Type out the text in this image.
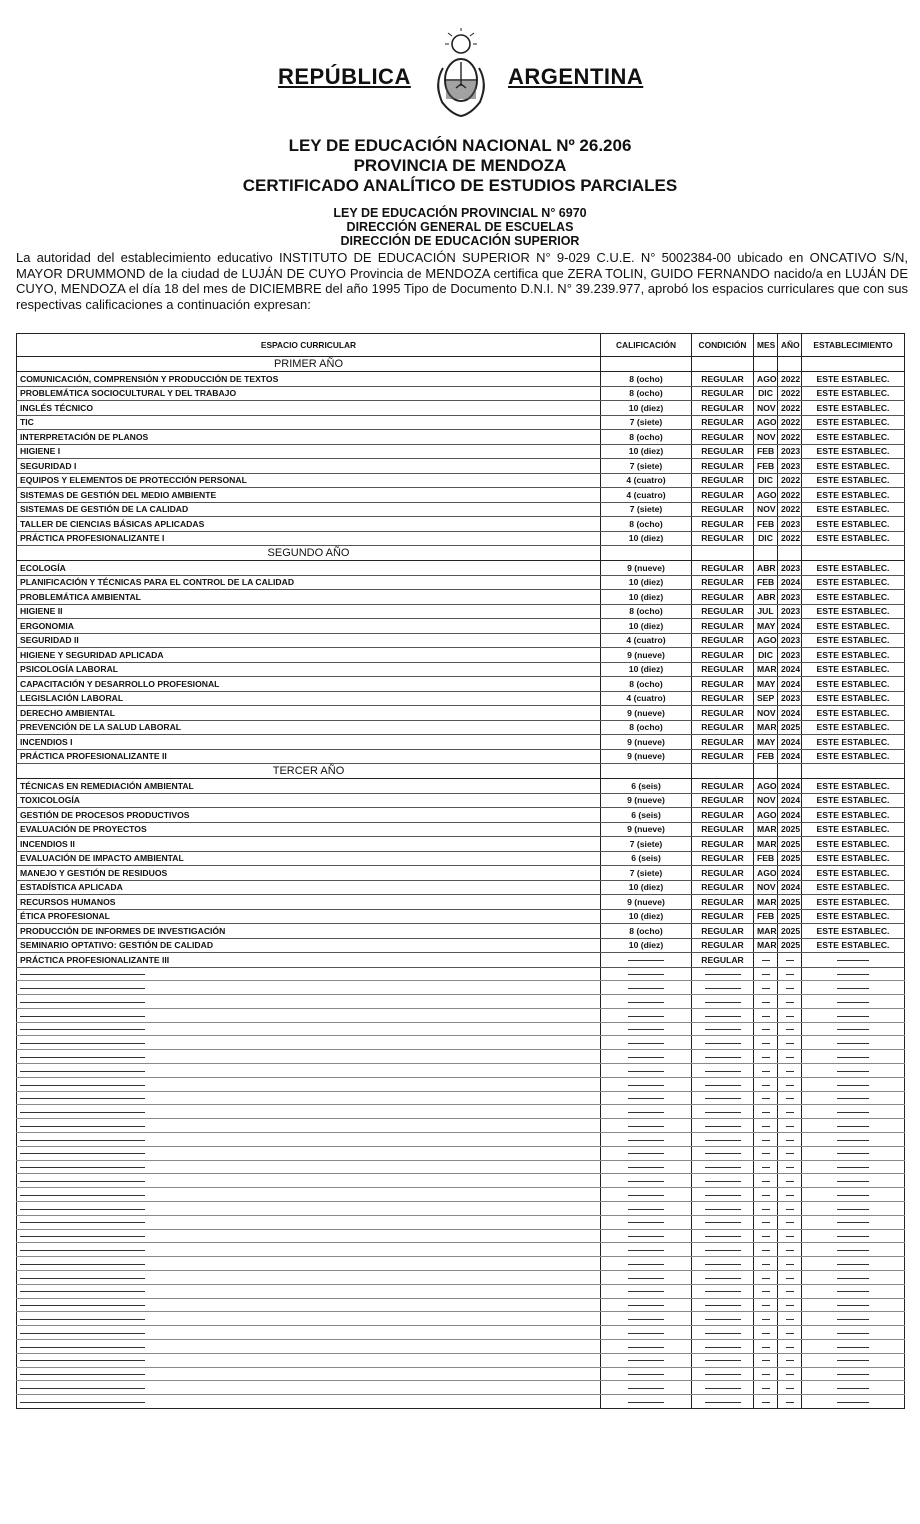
REPÚBLICA	ARGENTINA
LEY DE EDUCACIÓN NACIONAL Nº 26.206
PROVINCIA DE MENDOZA
CERTIFICADO ANALÍTICO DE ESTUDIOS PARCIALES
LEY DE EDUCACIÓN PROVINCIAL N° 6970
DIRECCIÓN GENERAL DE ESCUELAS
DIRECCIÓN DE EDUCACIÓN SUPERIOR
La autoridad del establecimiento educativo INSTITUTO DE EDUCACIÓN SUPERIOR N° 9-029 C.U.E. N° 5002384-00 ubicado en ONCATIVO S/N, MAYOR DRUMMOND de la ciudad de LUJÁN DE CUYO Provincia de MENDOZA certifica que ZERA TOLIN, GUIDO FERNANDO nacido/a en LUJÁN DE CUYO, MENDOZA el día 18 del mes de DICIEMBRE del año 1995 Tipo de Documento D.N.I. N° 39.239.977, aprobó los espacios curriculares que con sus respectivas calificaciones a continuación expresan:
ESPACIO CURRICULAR	CALIFICACIÓN	CONDICIÓN	MES	AÑO	ESTABLECIMIENTO
PRIMER AÑO					
COMUNICACIÓN, COMPRENSIÓN Y PRODUCCIÓN DE TEXTOS	8 (ocho)	REGULAR	AGO	2022	ESTE ESTABLEC.
PROBLEMÁTICA SOCIOCULTURAL Y DEL TRABAJO	8 (ocho)	REGULAR	DIC	2022	ESTE ESTABLEC.
INGLÉS TÉCNICO	10 (diez)	REGULAR	NOV	2022	ESTE ESTABLEC.
TIC	7 (siete)	REGULAR	AGO	2022	ESTE ESTABLEC.
INTERPRETACIÓN DE PLANOS	8 (ocho)	REGULAR	NOV	2022	ESTE ESTABLEC.
HIGIENE I	10 (diez)	REGULAR	FEB	2023	ESTE ESTABLEC.
SEGURIDAD I	7 (siete)	REGULAR	FEB	2023	ESTE ESTABLEC.
EQUIPOS Y ELEMENTOS DE PROTECCIÓN PERSONAL	4 (cuatro)	REGULAR	DIC	2022	ESTE ESTABLEC.
SISTEMAS DE GESTIÓN DEL MEDIO AMBIENTE	4 (cuatro)	REGULAR	AGO	2022	ESTE ESTABLEC.
SISTEMAS DE GESTIÓN DE LA CALIDAD	7 (siete)	REGULAR	NOV	2022	ESTE ESTABLEC.
TALLER DE CIENCIAS BÁSICAS APLICADAS	8 (ocho)	REGULAR	FEB	2023	ESTE ESTABLEC.
PRÁCTICA PROFESIONALIZANTE I	10 (diez)	REGULAR	DIC	2022	ESTE ESTABLEC.
SEGUNDO AÑO					
ECOLOGÍA	9 (nueve)	REGULAR	ABR	2023	ESTE ESTABLEC.
PLANIFICACIÓN Y TÉCNICAS PARA EL CONTROL DE LA CALIDAD	10 (diez)	REGULAR	FEB	2024	ESTE ESTABLEC.
PROBLEMÁTICA AMBIENTAL	10 (diez)	REGULAR	ABR	2023	ESTE ESTABLEC.
HIGIENE II	8 (ocho)	REGULAR	JUL	2023	ESTE ESTABLEC.
ERGONOMIA	10 (diez)	REGULAR	MAY	2024	ESTE ESTABLEC.
SEGURIDAD II	4 (cuatro)	REGULAR	AGO	2023	ESTE ESTABLEC.
HIGIENE Y SEGURIDAD APLICADA	9 (nueve)	REGULAR	DIC	2023	ESTE ESTABLEC.
PSICOLOGÍA LABORAL	10 (diez)	REGULAR	MAR	2024	ESTE ESTABLEC.
CAPACITACIÓN Y DESARROLLO PROFESIONAL	8 (ocho)	REGULAR	MAY	2024	ESTE ESTABLEC.
LEGISLACIÓN LABORAL	4 (cuatro)	REGULAR	SEP	2023	ESTE ESTABLEC.
DERECHO AMBIENTAL	9 (nueve)	REGULAR	NOV	2024	ESTE ESTABLEC.
PREVENCIÓN DE LA SALUD LABORAL	8 (ocho)	REGULAR	MAR	2025	ESTE ESTABLEC.
INCENDIOS I	9 (nueve)	REGULAR	MAY	2024	ESTE ESTABLEC.
PRÁCTICA PROFESIONALIZANTE II	9 (nueve)	REGULAR	FEB	2024	ESTE ESTABLEC.
TERCER AÑO					
TÉCNICAS EN REMEDIACIÓN AMBIENTAL	6 (seis)	REGULAR	AGO	2024	ESTE ESTABLEC.
TOXICOLOGÍA	9 (nueve)	REGULAR	NOV	2024	ESTE ESTABLEC.
GESTIÓN DE PROCESOS PRODUCTIVOS	6 (seis)	REGULAR	AGO	2024	ESTE ESTABLEC.
EVALUACIÓN DE PROYECTOS	9 (nueve)	REGULAR	MAR	2025	ESTE ESTABLEC.
INCENDIOS II	7 (siete)	REGULAR	MAR	2025	ESTE ESTABLEC.
EVALUACIÓN DE IMPACTO AMBIENTAL	6 (seis)	REGULAR	FEB	2025	ESTE ESTABLEC.
MANEJO Y GESTIÓN DE RESIDUOS	7 (siete)	REGULAR	AGO	2024	ESTE ESTABLEC.
ESTADÍSTICA APLICADA	10 (diez)	REGULAR	NOV	2024	ESTE ESTABLEC.
RECURSOS HUMANOS	9 (nueve)	REGULAR	MAR	2025	ESTE ESTABLEC.
ÉTICA PROFESIONAL	10 (diez)	REGULAR	FEB	2025	ESTE ESTABLEC.
PRODUCCIÓN DE INFORMES DE INVESTIGACIÓN	8 (ocho)	REGULAR	MAR	2025	ESTE ESTABLEC.
SEMINARIO OPTATIVO: GESTIÓN DE CALIDAD	10 (diez)	REGULAR	MAR	2025	ESTE ESTABLEC.
PRÁCTICA PROFESIONALIZANTE III		REGULAR			
